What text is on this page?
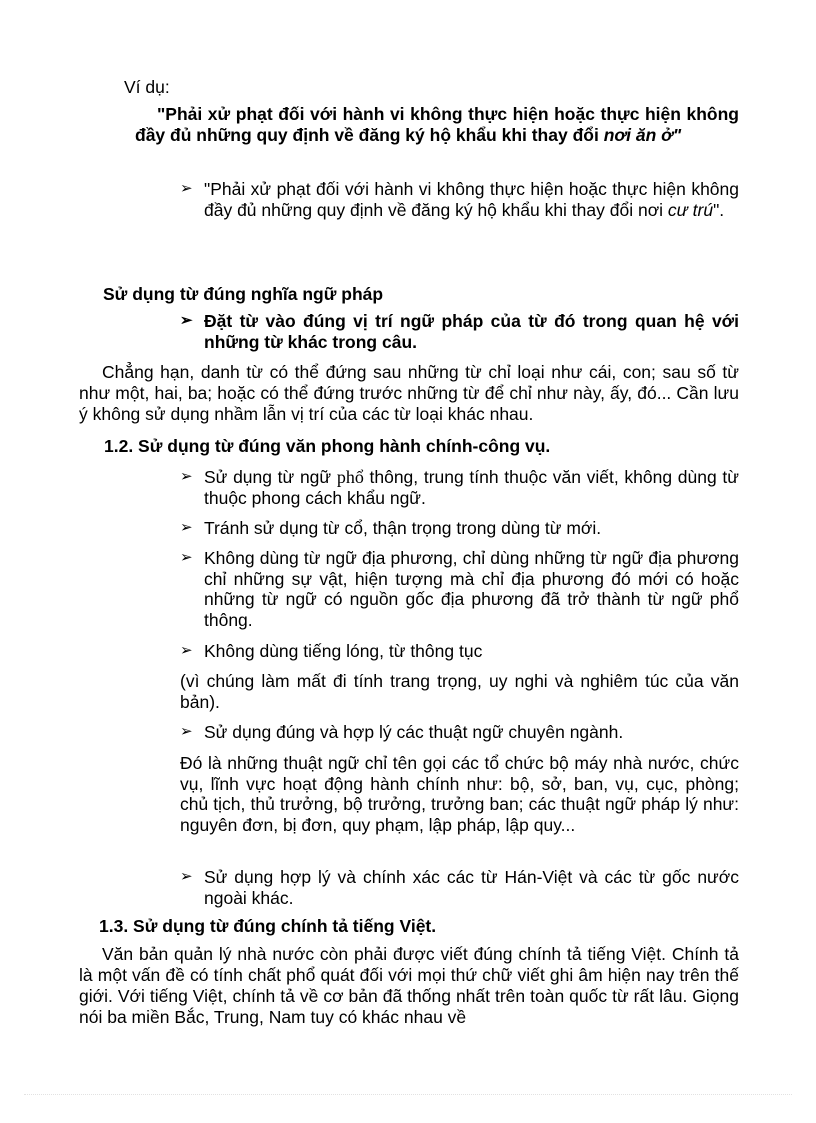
Ví dụ:

"Phải xử phạt đối với hành vi không thực hiện hoặc thực hiện không đầy đủ những quy định về đăng ký hộ khẩu khi thay đổi nơi ăn ở"

➢ "Phải xử phạt đối với hành vi không thực hiện hoặc thực hiện không đầy đủ những quy định về đăng ký hộ khẩu khi thay đổi nơi cư trú".

Sử dụng từ đúng nghĩa ngữ pháp

➢ Đặt từ vào đúng vị trí ngữ pháp của từ đó trong quan hệ với những từ khác trong câu.

Chẳng hạn, danh từ có thể đứng sau những từ chỉ loại như cái, con; sau số từ như một, hai, ba; hoặc có thể đứng trước những từ để chỉ như này, ấy, đó... Cần lưu ý không sử dụng nhầm lẫn vị trí của các từ loại khác nhau.

1.2. Sử dụng từ đúng văn phong hành chính-công vụ.

➢ Sử dụng từ ngữ phổ thông, trung tính thuộc văn viết, không dùng từ thuộc phong cách khẩu ngữ.

➢ Tránh sử dụng từ cổ, thận trọng trong dùng từ mới.

➢ Không dùng từ ngữ địa phương, chỉ dùng những từ ngữ địa phương chỉ những sự vật, hiện tượng mà chỉ địa phương đó mới có hoặc những từ ngữ có nguồn gốc địa phương đã trở thành từ ngữ phổ thông.

➢ Không dùng tiếng lóng, từ thông tục

(vì chúng làm mất đi tính trang trọng, uy nghi và nghiêm túc của văn bản).

➢ Sử dụng đúng và hợp lý các thuật ngữ chuyên ngành.

Đó là những thuật ngữ chỉ tên gọi các tổ chức bộ máy nhà nước, chức vụ, lĩnh vực hoạt động hành chính như: bộ, sở, ban, vụ, cục, phòng; chủ tịch, thủ trưởng, bộ trưởng, trưởng ban; các thuật ngữ pháp lý như: nguyên đơn, bị đơn, quy phạm, lập pháp, lập quy...

➢ Sử dụng hợp lý và chính xác các từ Hán-Việt và các từ gốc nước ngoài khác.

1.3. Sử dụng từ đúng chính tả tiếng Việt.

Văn bản quản lý nhà nước còn phải được viết đúng chính tả tiếng Việt. Chính tả là một vấn đề có tính chất phổ quát đối với mọi thứ chữ viết ghi âm hiện nay trên thế giới. Với tiếng Việt, chính tả về cơ bản đã thống nhất trên toàn quốc từ rất lâu. Giọng nói ba miền Bắc, Trung, Nam tuy có khác nhau về
